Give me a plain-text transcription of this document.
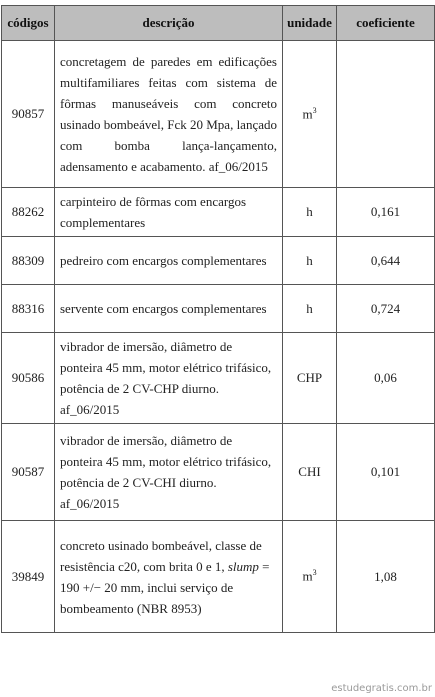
códigos	descrição	unidade	coeficiente
90857	concretagem de paredes em edificações multifamiliares feitas com sistema de fôrmas manuseáveis com concreto usinado bombeável, Fck 20 Mpa, lançado com bomba lança-lançamento, adensamento e acabamento. af_06/2015	$m^3$	
88262	carpinteiro de fôrmas com encargos complementares	h	0,161
88309	pedreiro com encargos complementares	h	0,644
88316	servente com encargos complementares	h	0,724
90586	vibrador de imersão, diâmetro de ponteira 45 mm, motor elétrico trifásico, potência de 2 CV-CHP diurno. af_06/2015	CHP	0,06
90587	vibrador de imersão, diâmetro de ponteira 45 mm, motor elétrico trifásico, potência de 2 CV-CHI diurno. af_06/2015	CHI	0,101
39849	concreto usinado bombeável, classe de resistência c20, com brita 0 e 1, slump = 190 +/− 20 mm, inclui serviço de bombeamento (NBR 8953)	$m^3$	1,08
estudegratis.com.br
